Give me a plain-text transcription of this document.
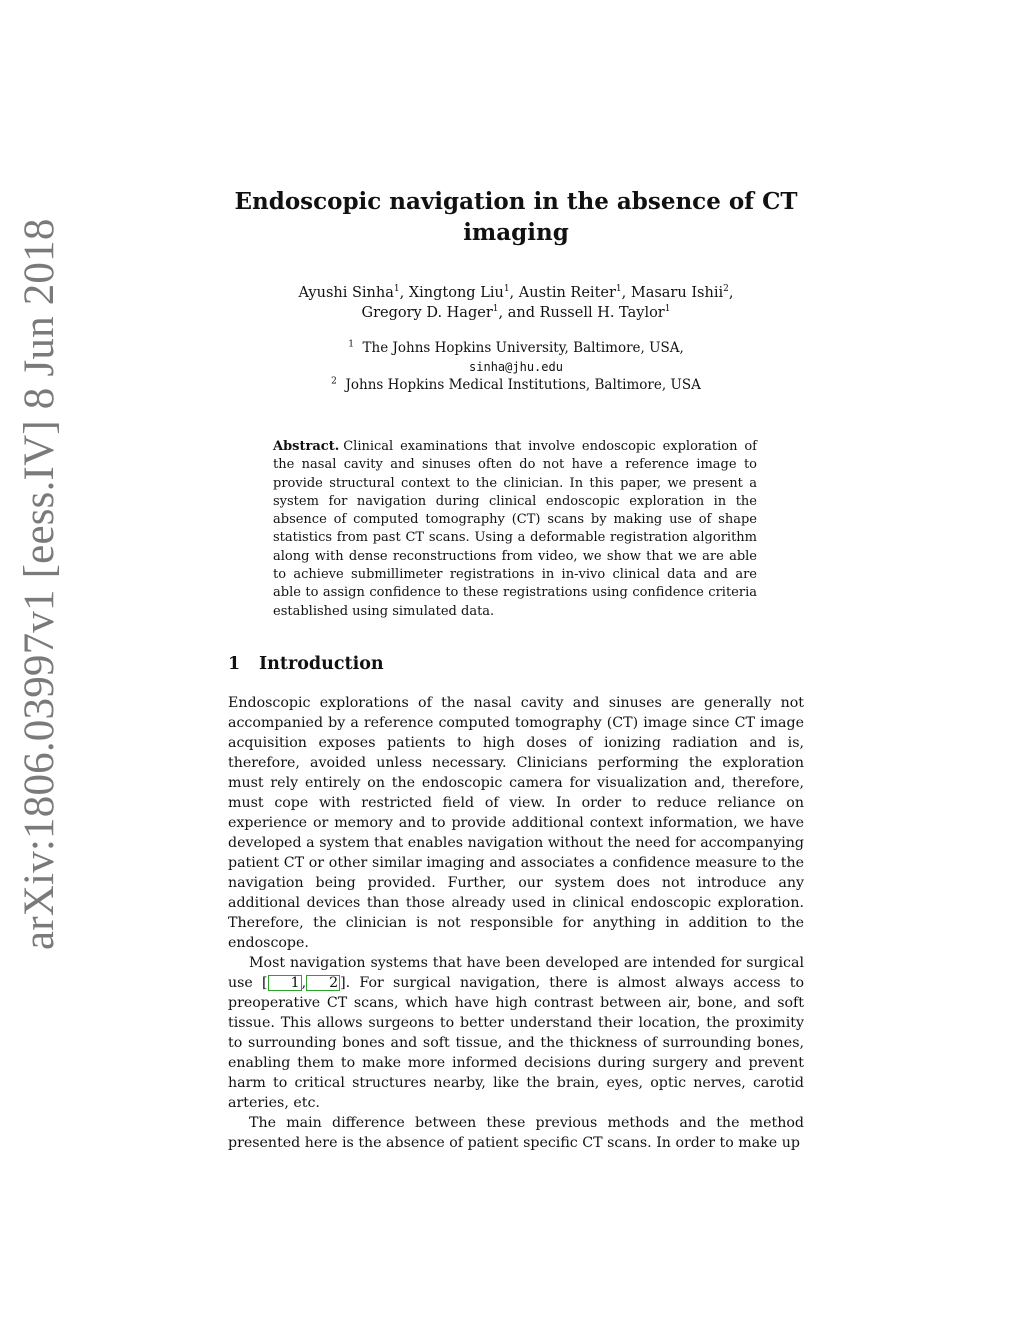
arXiv:1806.03997v1 [eess.IV] 8 Jun 2018
Endoscopic navigation in the absence of CT imaging
Ayushi Sinha$^1$, Xingtong Liu$^1$, Austin Reiter$^1$, Masaru Ishii$^2$,
Gregory D. Hager$^1$, and Russell H. Taylor$^1$
$^1$ The Johns Hopkins University, Baltimore, USA,
sinha@jhu.edu
$^2$ Johns Hopkins Medical Institutions, Baltimore, USA

Abstract. Clinical examinations that involve endoscopic exploration of the nasal cavity and sinuses often do not have a reference image to provide structural context to the clinician. In this paper, we present a system for navigation during clinical endoscopic exploration in the absence of computed tomography (CT) scans by making use of shape statistics from past CT scans. Using a deformable registration algorithm along with dense reconstructions from video, we show that we are able to achieve submillimeter registrations in in-vivo clinical data and are able to assign confidence to these registrations using confidence criteria established using simulated data.

1 Introduction

Endoscopic explorations of the nasal cavity and sinuses are generally not accompanied by a reference computed tomography (CT) image since CT image acquisition exposes patients to high doses of ionizing radiation and is, therefore, avoided unless necessary. Clinicians performing the exploration must rely entirely on the endoscopic camera for visualization and, therefore, must cope with restricted field of view. In order to reduce reliance on experience or memory and to provide additional context information, we have developed a system that enables navigation without the need for accompanying patient CT or other similar imaging and associates a confidence measure to the navigation being provided. Further, our system does not introduce any additional devices than those already used in clinical endoscopic exploration. Therefore, the clinician is not responsible for anything in addition to the endoscope.

Most navigation systems that have been developed are intended for surgical use [ 1 , 2 ]. For surgical navigation, there is almost always access to preoperative CT scans, which have high contrast between air, bone, and soft tissue. This allows surgeons to better understand their location, the proximity to surrounding bones and soft tissue, and the thickness of surrounding bones, enabling them to make more informed decisions during surgery and prevent harm to critical structures nearby, like the brain, eyes, optic nerves, carotid arteries, etc.

The main difference between these previous methods and the method presented here is the absence of patient specific CT scans. In order to make up
